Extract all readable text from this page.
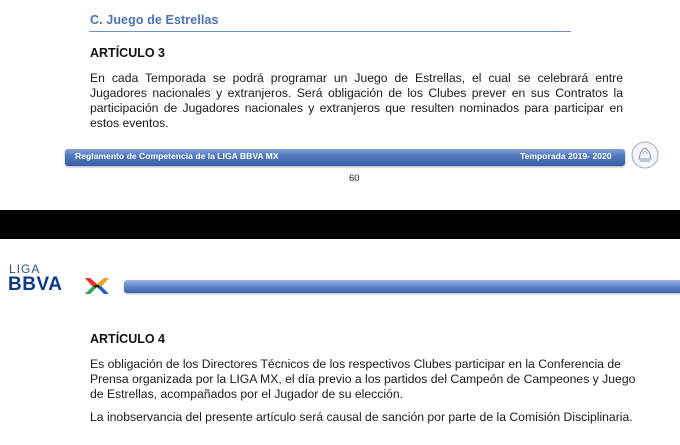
C. Juego de Estrellas
ARTÍCULO 3
En cada Temporada se podrá programar un Juego de Estrellas, el cual se celebrará entre Jugadores nacionales y extranjeros. Será obligación de los Clubes prever en sus Contratos la participación de Jugadores nacionales y extranjeros que resulten nominados para participar en estos eventos.
Reglamento de Competencia de la LIGA BBVA MX	Temporada 2019- 2020
60
LIGA
BBVA
ARTÍCULO 4
Es obligación de los Directores Técnicos de los respectivos Clubes participar en la Conferencia de Prensa organizada por la LIGA MX, el día previo a los partidos del Campeón de Campeones y Juego de Estrellas, acompañados por el Jugador de su elección.
La inobservancia del presente artículo será causal de sanción por parte de la Comisión Disciplinaria.
